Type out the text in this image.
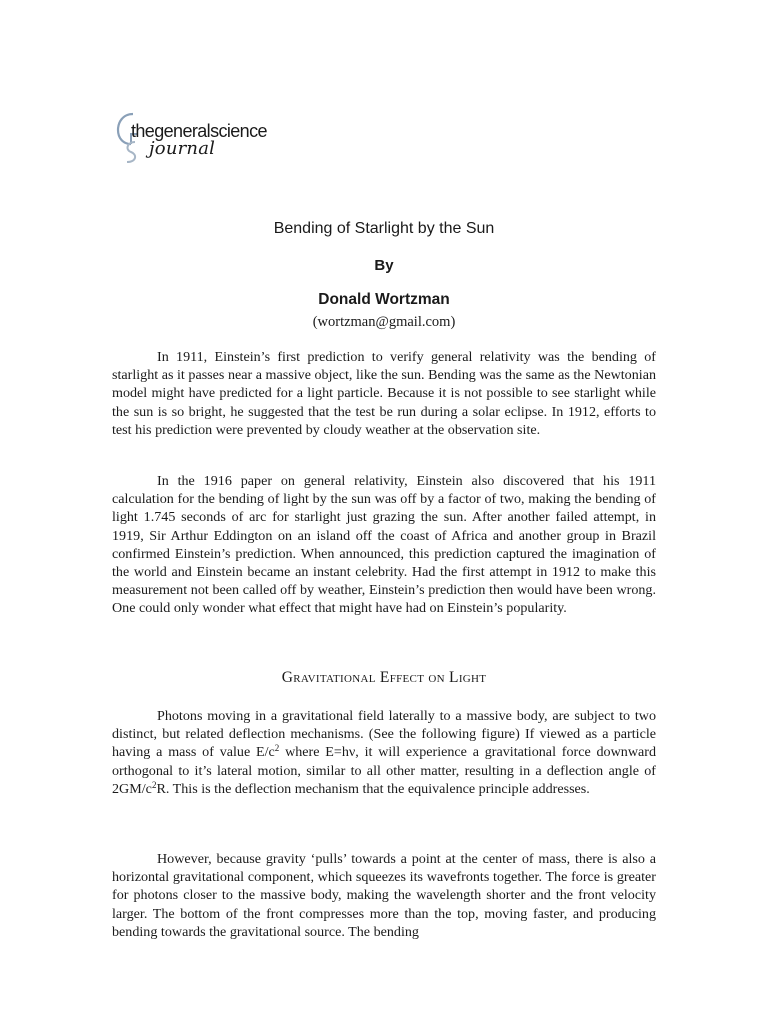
thegeneralscience
journal
Bending of Starlight by the Sun
By
Donald Wortzman
(wortzman@gmail.com)

In 1911, Einstein’s first prediction to verify general relativity was the bending of starlight as it passes near a massive object, like the sun. Bending was the same as the Newtonian model might have predicted for a light particle. Because it is not possible to see starlight while the sun is so bright, he suggested that the test be run during a solar eclipse. In 1912, efforts to test his prediction were prevented by cloudy weather at the observation site.

In the 1916 paper on general relativity, Einstein also discovered that his 1911 calculation for the bending of light by the sun was off by a factor of two, making the bending of light 1.745 seconds of arc for starlight just grazing the sun. After another failed attempt, in 1919, Sir Arthur Eddington on an island off the coast of Africa and another group in Brazil confirmed Einstein’s prediction. When announced, this prediction captured the imagination of the world and Einstein became an instant celebrity. Had the first attempt in 1912 to make this measurement not been called off by weather, Einstein’s prediction then would have been wrong. One could only wonder what effect that might have had on Einstein’s popularity.

Gravitational Effect on Light

Photons moving in a gravitational field laterally to a massive body, are subject to two distinct, but related deflection mechanisms. (See the following figure) If viewed as a particle having a mass of value $E/c^2$ where E=hν, it will experience a gravitational force downward orthogonal to it’s lateral motion, similar to all other matter, resulting in a deflection angle of $2GM/c^2R$. This is the deflection mechanism that the equivalence principle addresses.

However, because gravity ‘pulls’ towards a point at the center of mass, there is also a horizontal gravitational component, which squeezes its wavefronts together. The force is greater for photons closer to the massive body, making the wavelength shorter and the front velocity larger. The bottom of the front compresses more than the top, moving faster, and producing bending towards the gravitational source. The bending
